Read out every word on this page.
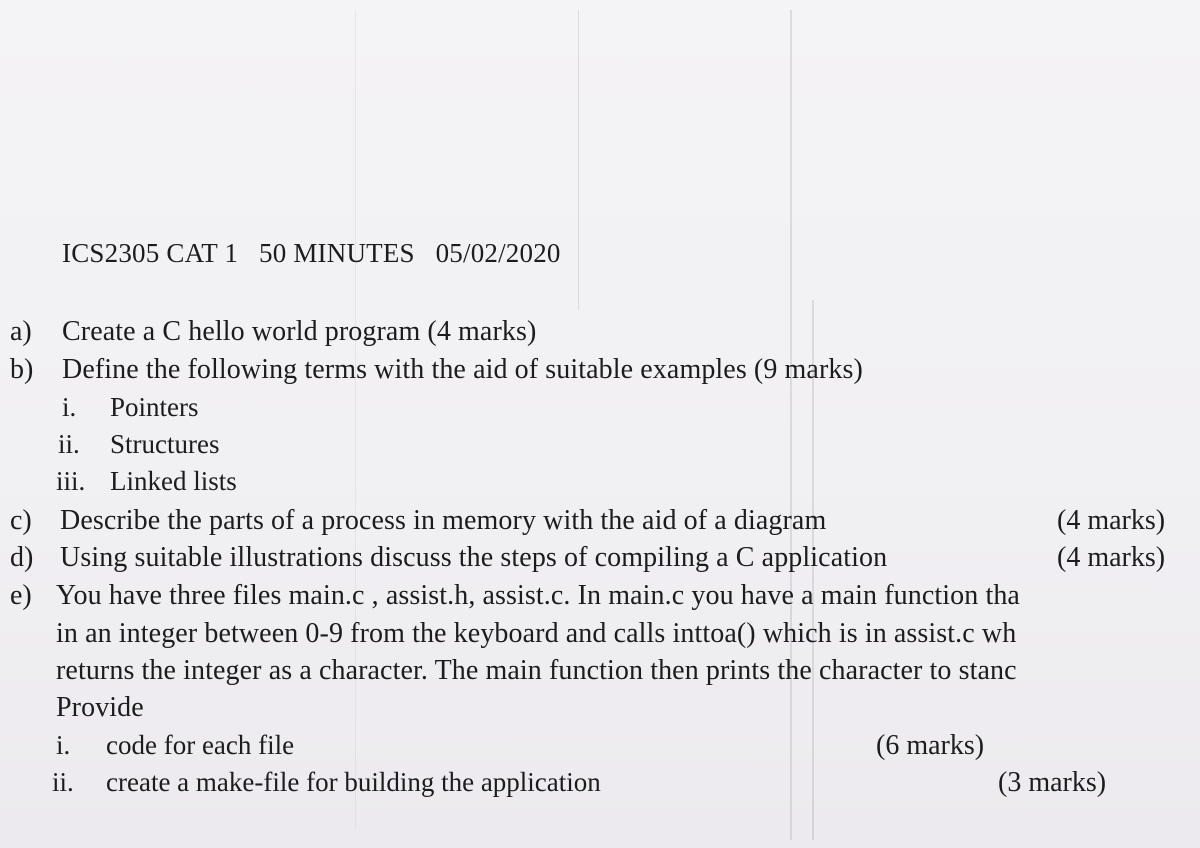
ICS2305 CAT 1 50 MINUTES 05/02/2020
a) Create a C hello world program (4 marks)
b) Define the following terms with the aid of suitable examples (9 marks)
i. Pointers
ii. Structures
iii. Linked lists
c) Describe the parts of a process in memory with the aid of a diagram	(4 marks)
d) Using suitable illustrations discuss the steps of compiling a C application	(4 marks)
e) You have three files main.c , assist.h, assist.c. In main.c you have a main function tha
in an integer between 0-9 from the keyboard and calls inttoa() which is in assist.c wh
returns the integer as a character. The main function then prints the character to stanc
Provide
i. code for each file	(6 marks)
ii. create a make-file for building the application	(3 marks)
